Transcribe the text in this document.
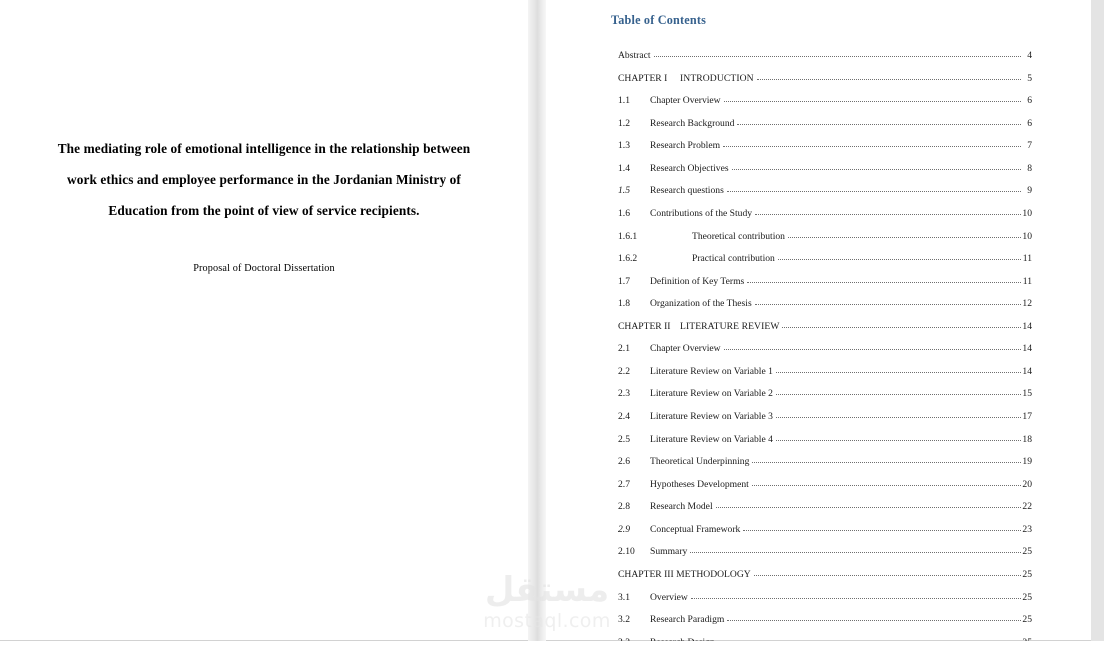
The mediating role of emotional intelligence in the relationship between
work ethics and employee performance in the Jordanian Ministry of
Education from the point of view of service recipients.
Proposal of Doctoral Dissertation
Table of Contents
Abstract	4
CHAPTER I	INTRODUCTION	5
1.1	Chapter Overview	6
1.2	Research Background	6
1.3	Research Problem	7
1.4	Research Objectives	8
1.5	Research questions	9
1.6	Contributions of the Study	10
1.6.1	Theoretical contribution	10
1.6.2	Practical contribution	11
1.7	Definition of Key Terms	11
1.8	Organization of the Thesis	12
CHAPTER II LITERATURE REVIEW	14
2.1	Chapter Overview	14
2.2	Literature Review on Variable 1	14
2.3	Literature Review on Variable 2	15
2.4	Literature Review on Variable 3	17
2.5	Literature Review on Variable 4	18
2.6	Theoretical Underpinning	19
2.7	Hypotheses Development	20
2.8	Research Model	22
2.9	Conceptual Framework	23
2.10	Summary	25
CHAPTER III METHODOLOGY	25
3.1	Overview	25
3.2	Research Paradigm	25
مستقل
mostaql.com
